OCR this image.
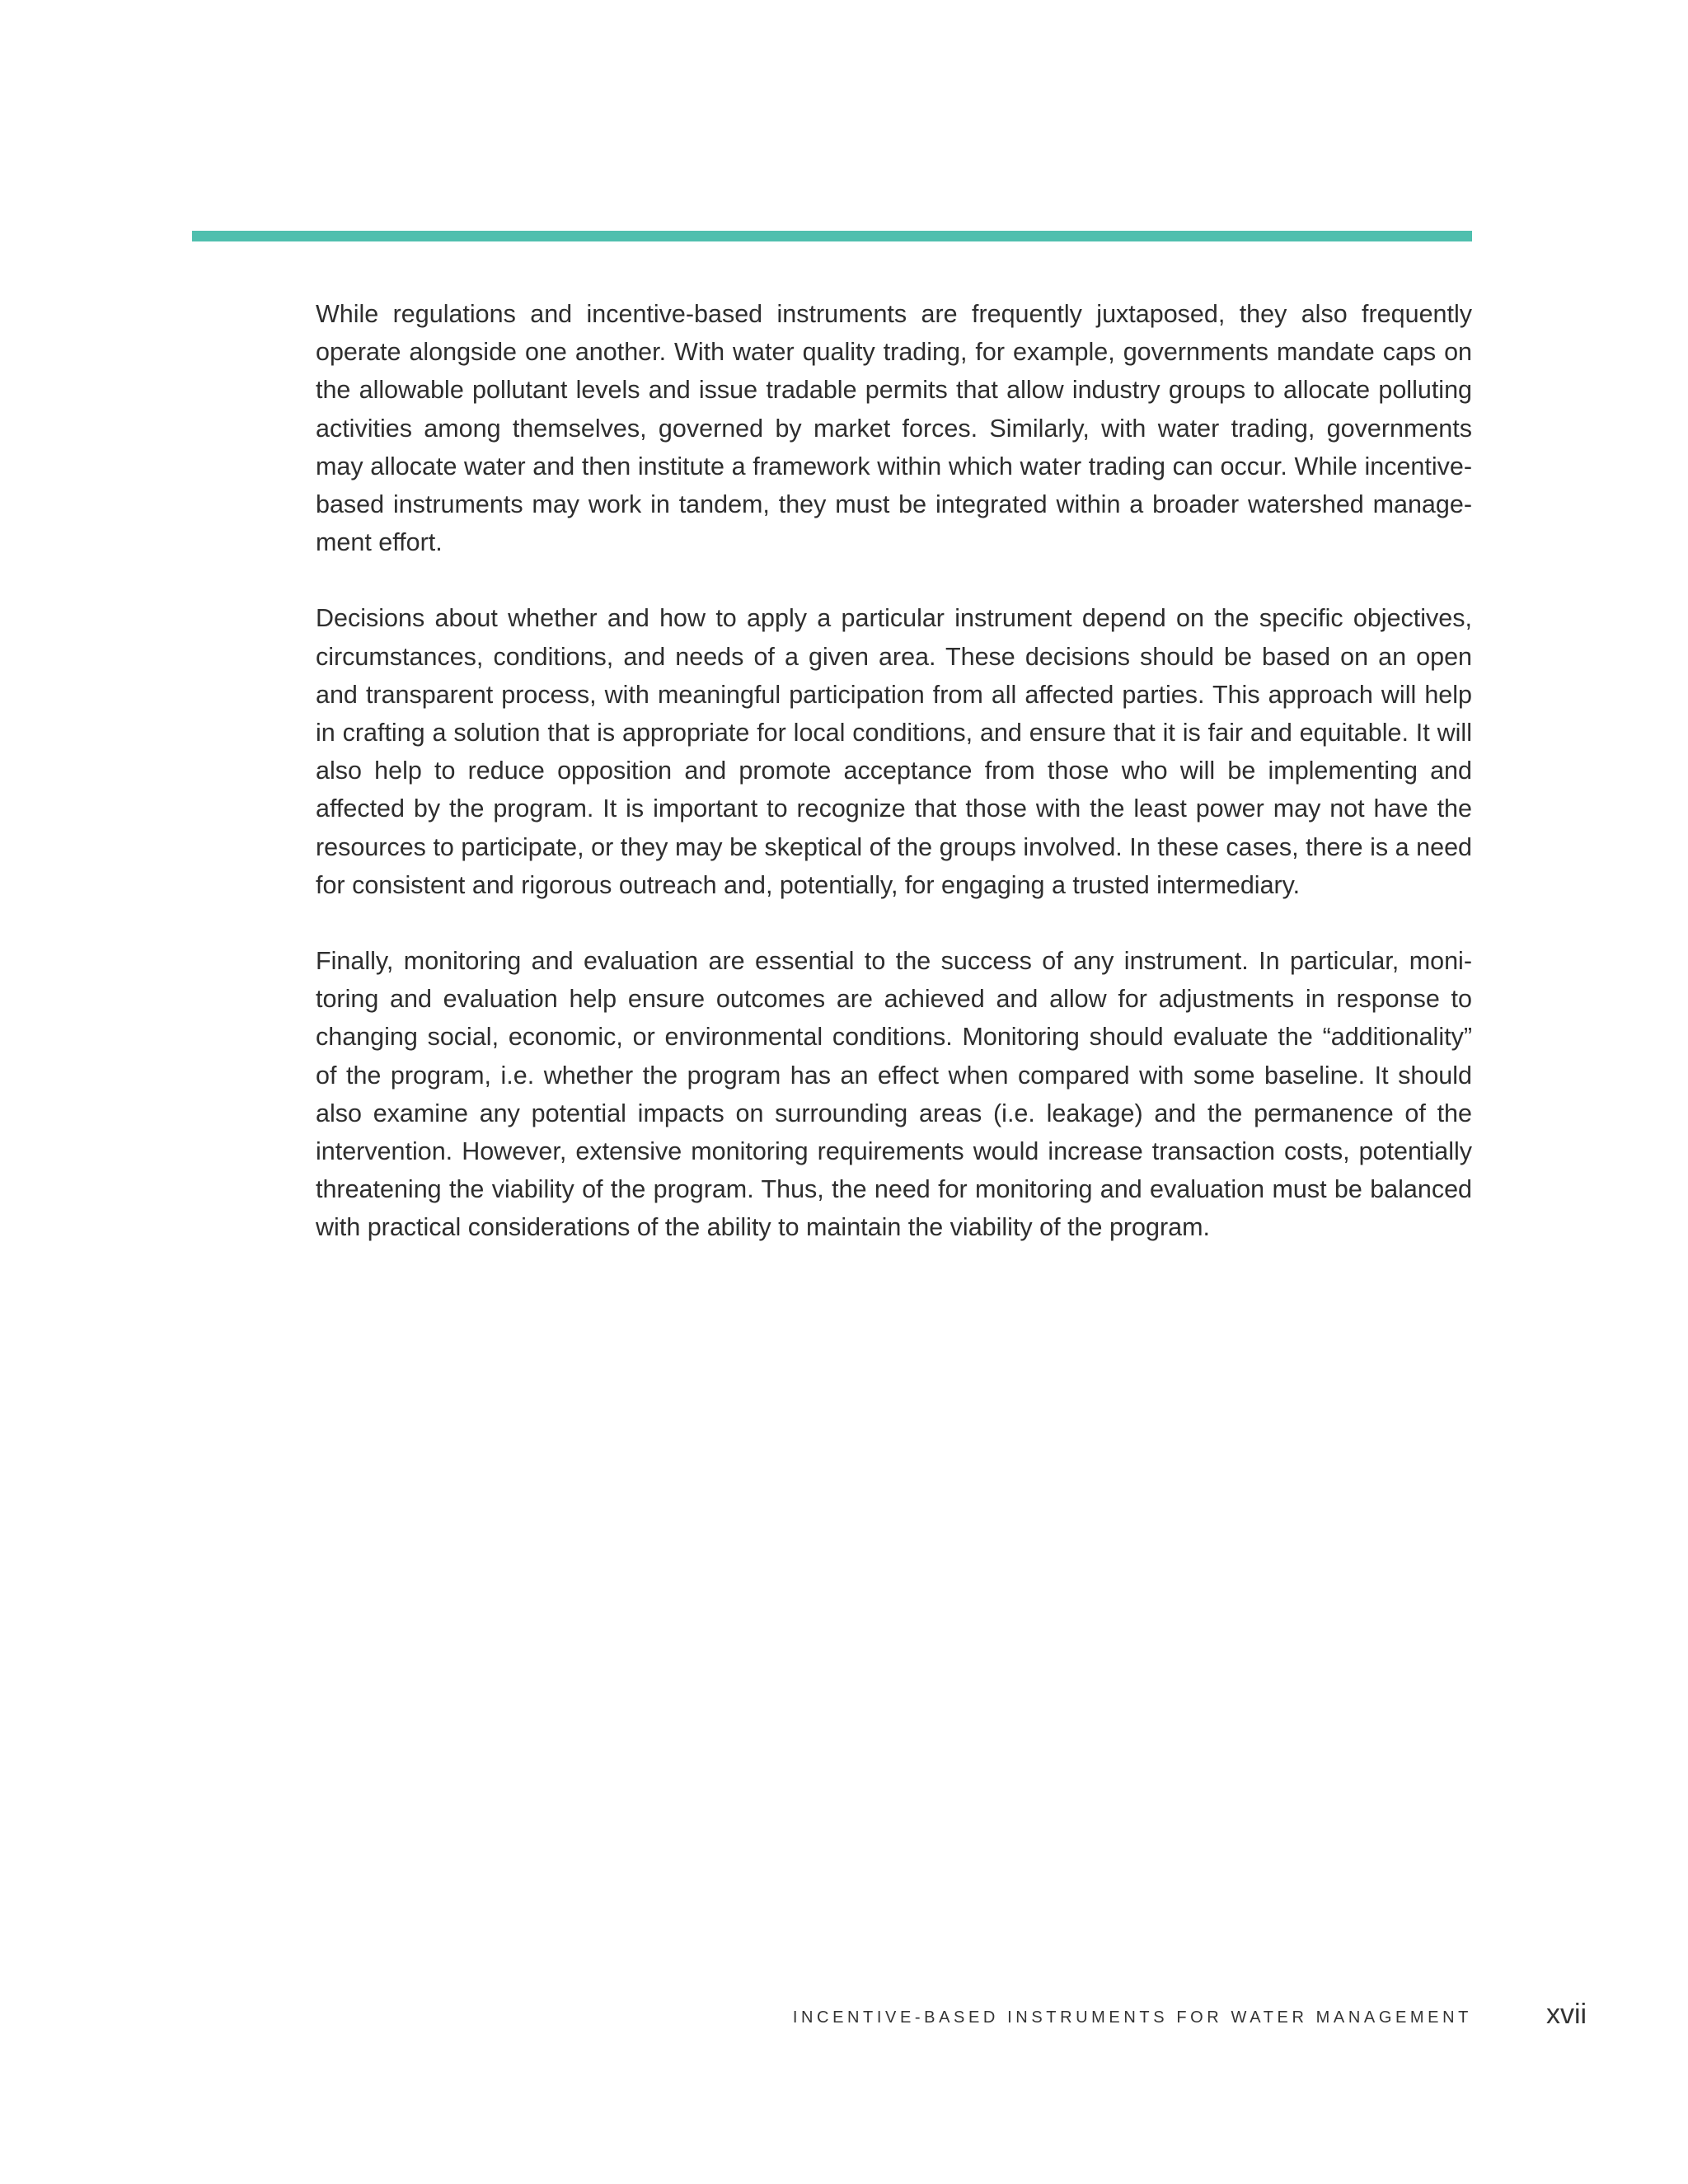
While regulations and incentive-based instruments are frequently juxtaposed, they also frequently operate alongside one another. With water quality trading, for example, governments mandate caps on the allowable pollutant levels and issue tradable permits that allow industry groups to allocate polluting activities among themselves, governed by market forces. Similarly, with water trading, governments may allocate water and then institute a framework within which water trading can occur. While incentive-based instruments may work in tandem, they must be integrated within a broader watershed management effort.

Decisions about whether and how to apply a particular instrument depend on the specific objectives, circumstances, conditions, and needs of a given area. These decisions should be based on an open and transparent process, with meaningful participation from all affected parties. This approach will help in crafting a solution that is appropriate for local conditions, and ensure that it is fair and equitable. It will also help to reduce opposition and promote acceptance from those who will be implementing and affected by the program. It is important to recognize that those with the least power may not have the resources to participate, or they may be skeptical of the groups involved. In these cases, there is a need for consistent and rigorous outreach and, potentially, for engaging a trusted intermediary.

Finally, monitoring and evaluation are essential to the success of any instrument. In particular, monitoring and evaluation help ensure outcomes are achieved and allow for adjustments in response to changing social, economic, or environmental conditions. Monitoring should evaluate the “additionality” of the program, i.e. whether the program has an effect when compared with some baseline. It should also examine any potential impacts on surrounding areas (i.e. leakage) and the permanence of the intervention. However, extensive monitoring requirements would increase transaction costs, potentially threatening the viability of the program. Thus, the need for monitoring and evaluation must be balanced with practical considerations of the ability to maintain the viability of the program.

INCENTIVE-BASED INSTRUMENTS FOR WATER MANAGEMENT	xvii
